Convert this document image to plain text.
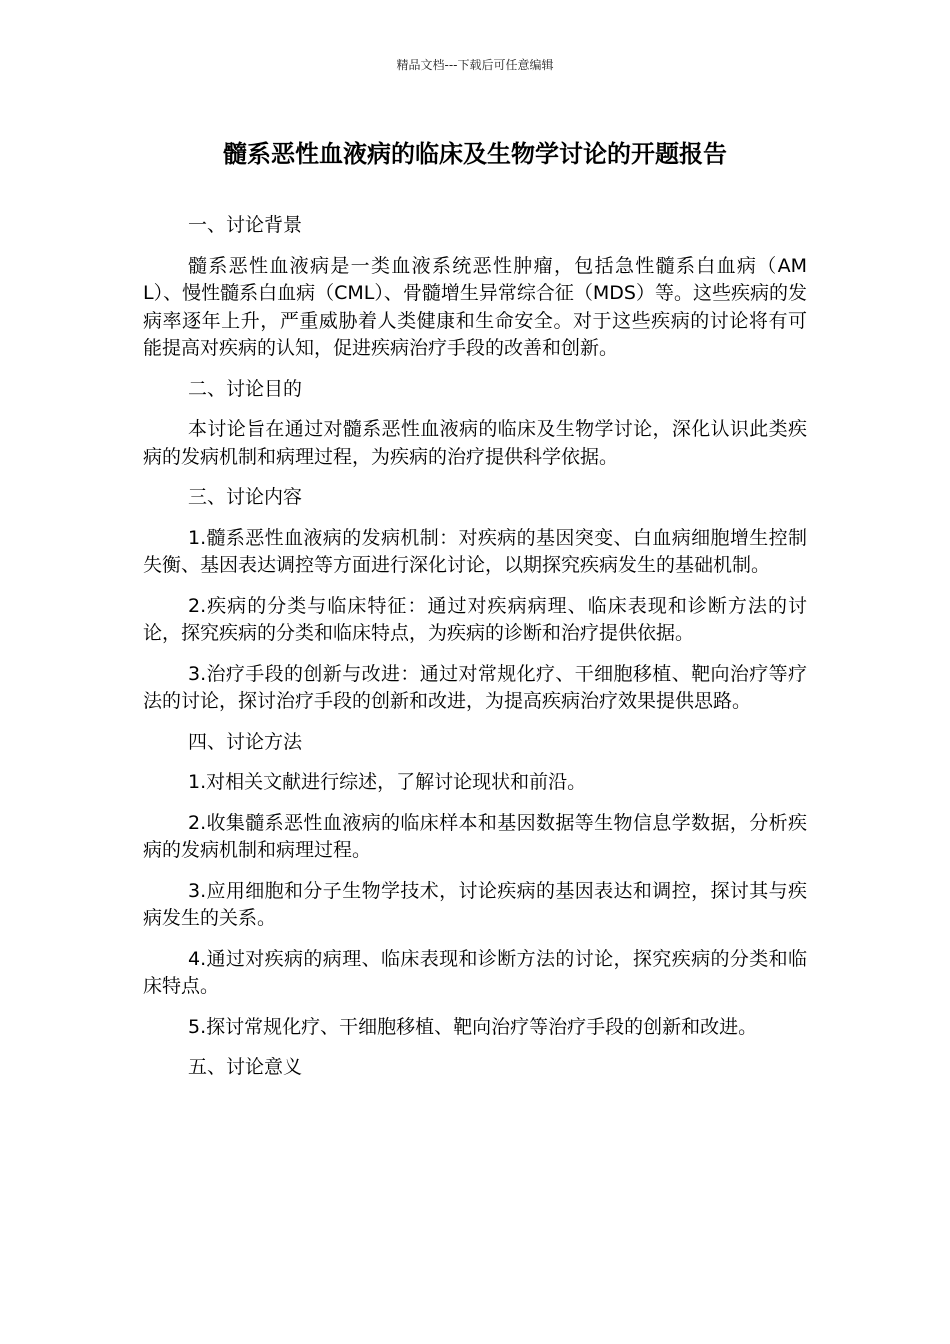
精品文档---下载后可任意编辑
髓系恶性血液病的临床及生物学讨论的开题报告

一、讨论背景

髓系恶性血液病是一类血液系统恶性肿瘤，包括急性髓系白血病（AML）、慢性髓系白血病（CML）、骨髓增生异常综合征（MDS）等。这些疾病的发病率逐年上升，严重威胁着人类健康和生命安全。对于这些疾病的讨论将有可能提高对疾病的认知，促进疾病治疗手段的改善和创新。

二、讨论目的

本讨论旨在通过对髓系恶性血液病的临床及生物学讨论，深化认识此类疾病的发病机制和病理过程，为疾病的治疗提供科学依据。

三、讨论内容

1.髓系恶性血液病的发病机制：对疾病的基因突变、白血病细胞增生控制失衡、基因表达调控等方面进行深化讨论，以期探究疾病发生的基础机制。

2.疾病的分类与临床特征：通过对疾病病理、临床表现和诊断方法的讨论，探究疾病的分类和临床特点，为疾病的诊断和治疗提供依据。

3.治疗手段的创新与改进：通过对常规化疗、干细胞移植、靶向治疗等疗法的讨论，探讨治疗手段的创新和改进，为提高疾病治疗效果提供思路。

四、讨论方法

1.对相关文献进行综述，了解讨论现状和前沿。

2.收集髓系恶性血液病的临床样本和基因数据等生物信息学数据，分析疾病的发病机制和病理过程。

3.应用细胞和分子生物学技术，讨论疾病的基因表达和调控，探讨其与疾病发生的关系。

4.通过对疾病的病理、临床表现和诊断方法的讨论，探究疾病的分类和临床特点。

5.探讨常规化疗、干细胞移植、靶向治疗等治疗手段的创新和改进。

五、讨论意义
